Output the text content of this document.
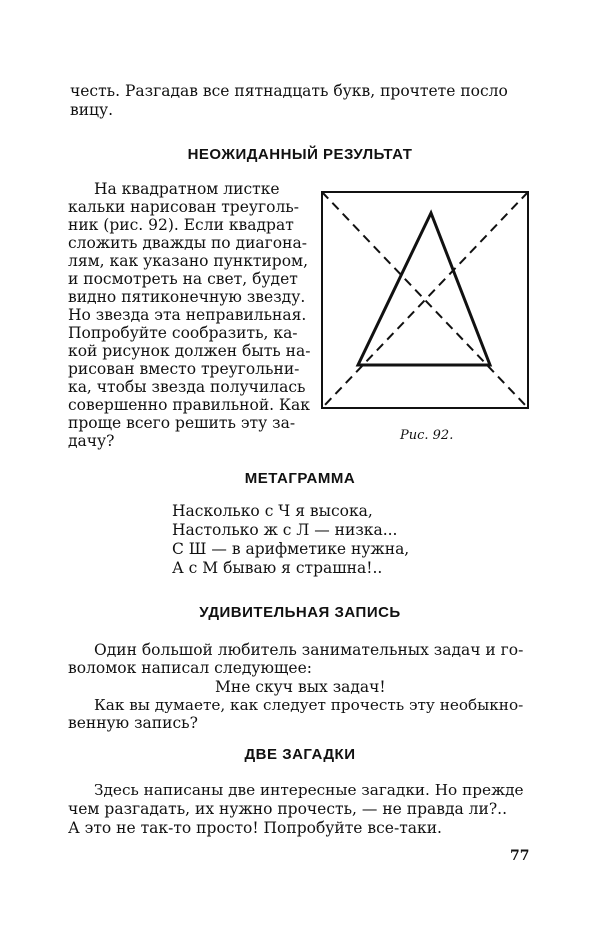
честь. Разгадав все пятнадцать букв, прочтете посло
вицу.
НЕОЖИДАННЫЙ РЕЗУЛЬТАТ
На квадратном листке
кальки нарисован треуголь-
ник (рис. 92). Если квадрат
сложить дважды по диагона-
лям, как указано пунктиром,
и посмотреть на свет, будет
видно пятиконечную звезду.
Но звезда эта неправильная.
Попробуйте сообразить, ка-
кой рисунок должен быть на-
рисован вместо треугольни-
ка, чтобы звезда получилась
совершенно правильной. Как
проще всего решить эту за-
дачу?	Рис. 92.
МЕТАГРАММА
Насколько с Ч я высока,
Настолько ж с Л — низка...
С Ш — в арифметике нужна,
А с М бываю я страшна!..
УДИВИТЕЛЬНАЯ ЗАПИСЬ
Один большой любитель занимательных задач и го-
воломок написал следующее:
Мне скуч вых задач!
Как вы думаете, как следует прочесть эту необыкно-
венную запись?
ДВЕ ЗАГАДКИ
Здесь написаны две интересные загадки. Но прежде
чем разгадать, их нужно прочесть, — не правда ли?..
А это не так-то просто! Попробуйте все-таки.
77
